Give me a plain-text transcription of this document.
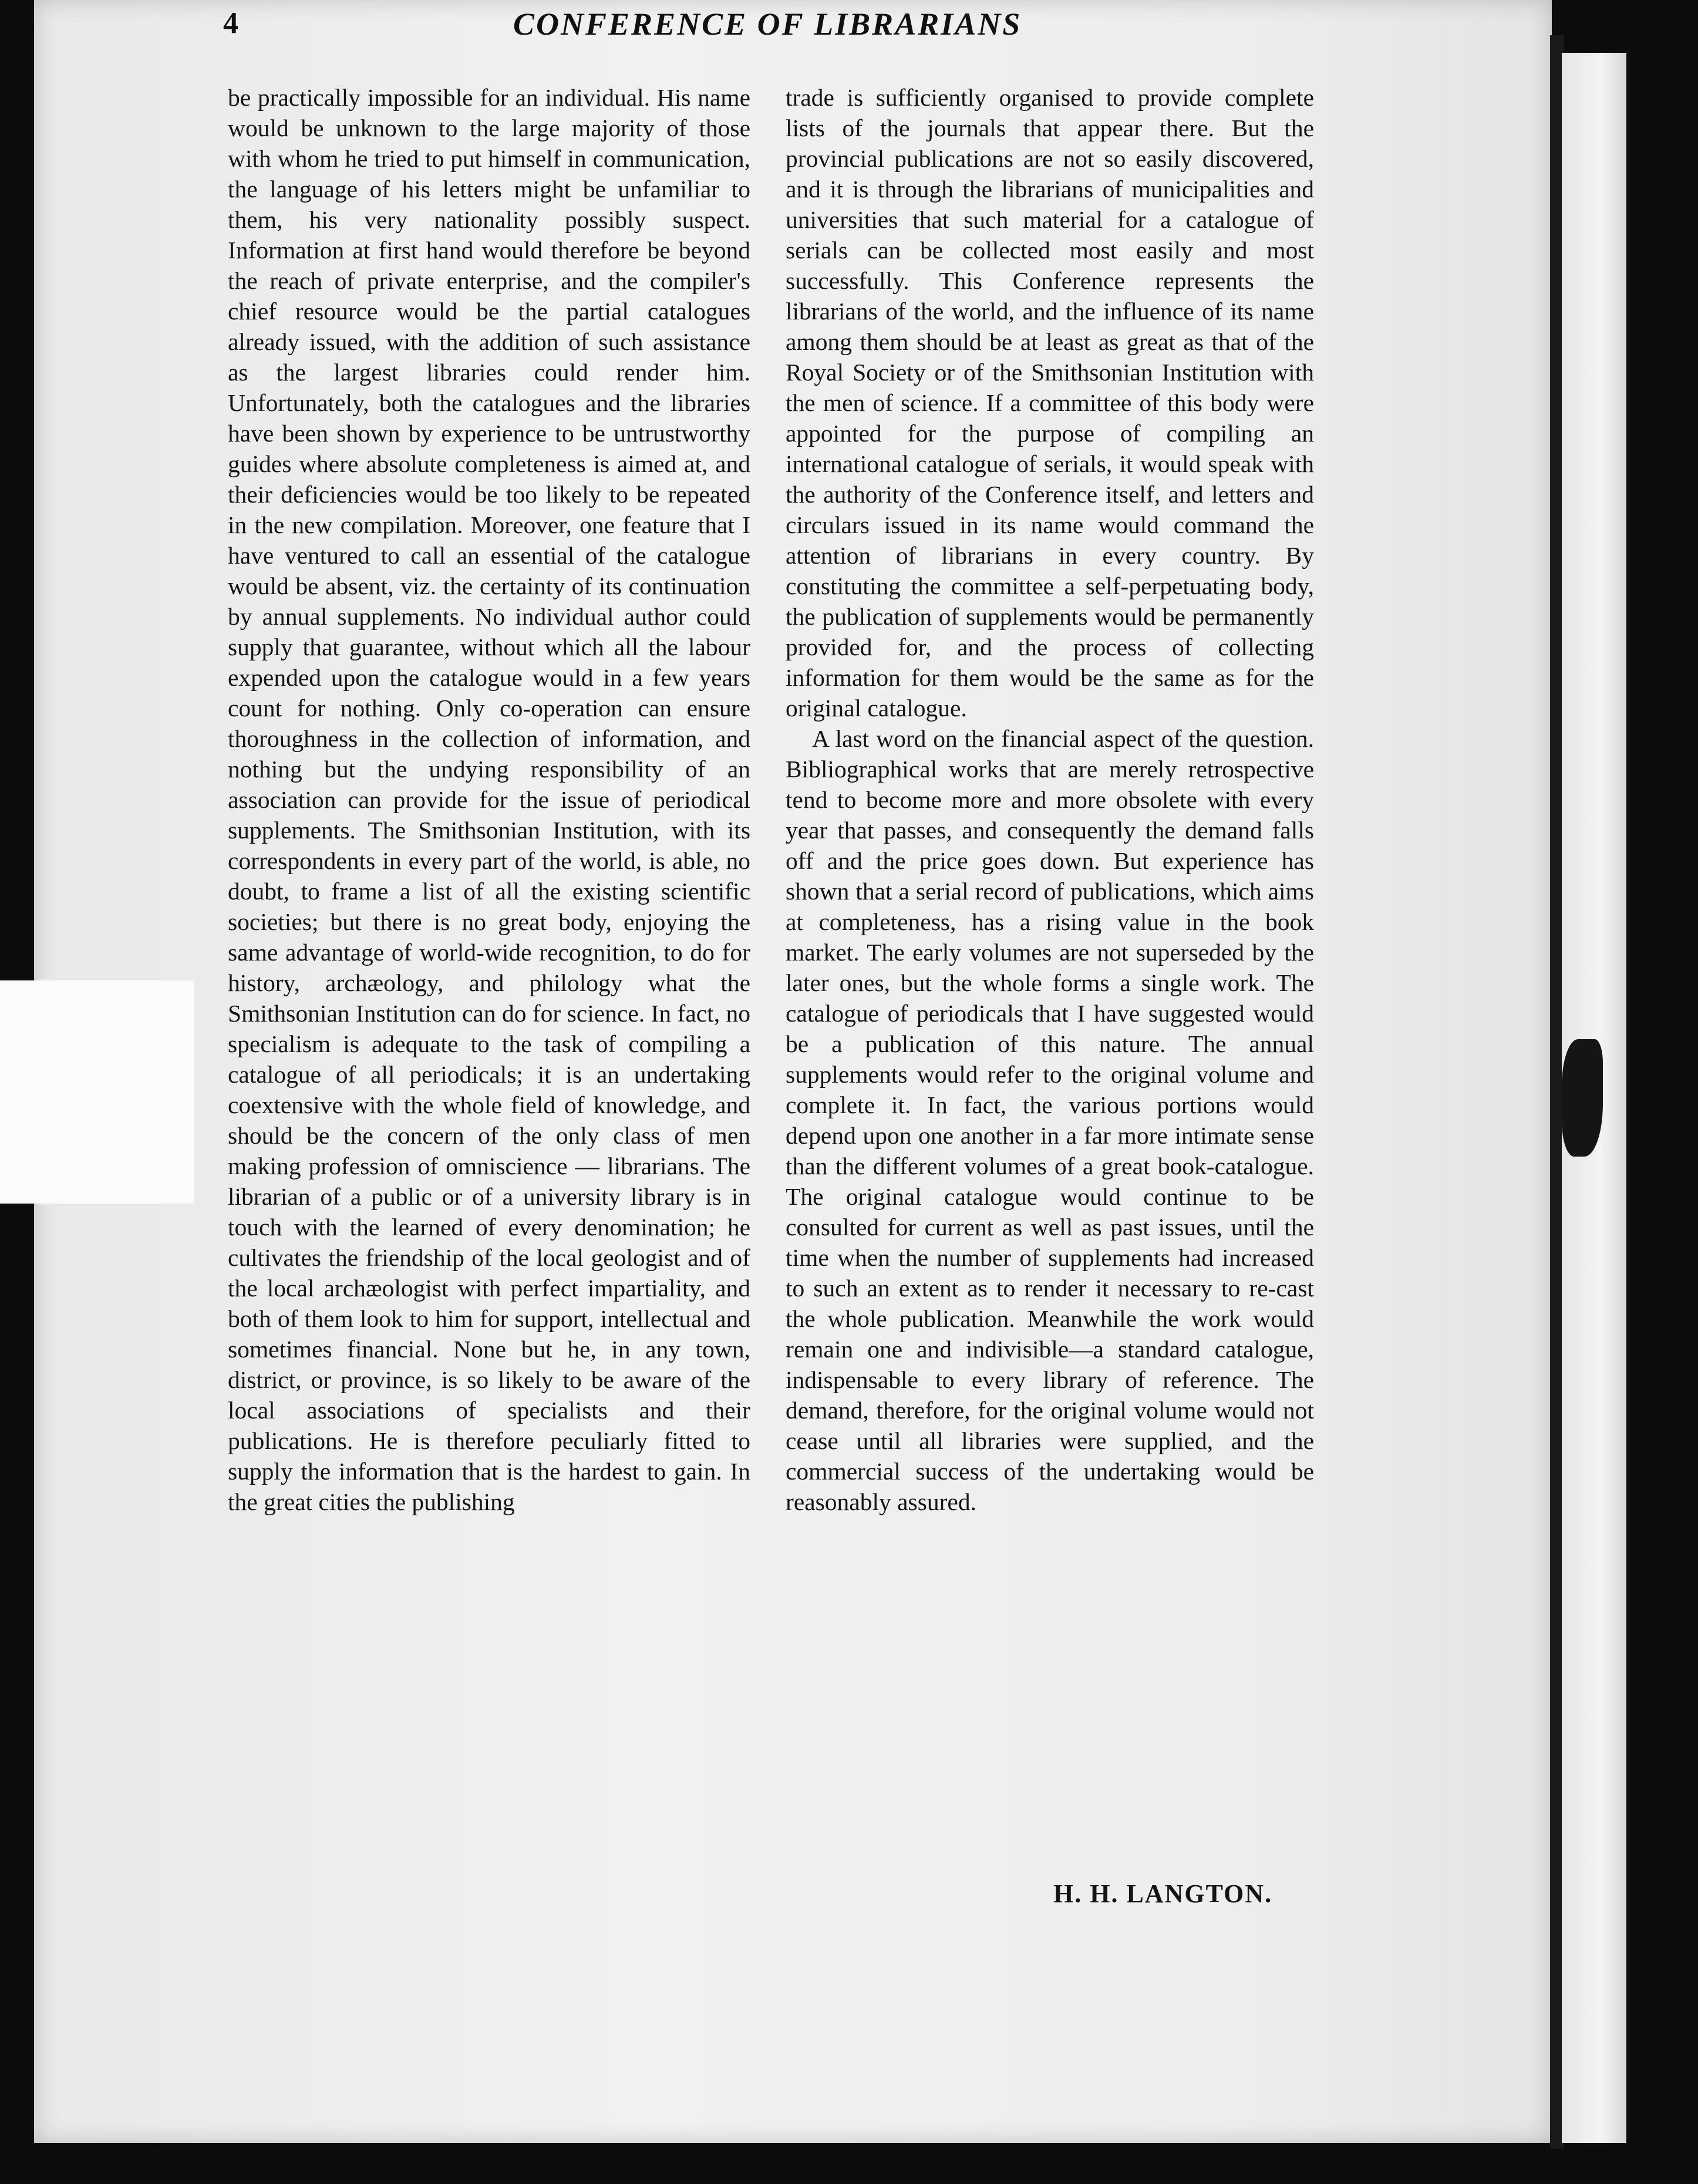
4	CONFERENCE OF LIBRARIANS

be practically impossible for an individual. His name would be unknown to the large majority of those with whom he tried to put himself in communication, the language of his letters might be unfamiliar to them, his very nationality possibly suspect. Information at first hand would therefore be beyond the reach of private enterprise, and the compiler's chief resource would be the partial catalogues already issued, with the addition of such assistance as the largest libraries could render him. Unfortunately, both the catalogues and the libraries have been shown by experience to be untrustworthy guides where absolute completeness is aimed at, and their deficiencies would be too likely to be repeated in the new compilation. Moreover, one feature that I have ventured to call an essential of the catalogue would be absent, viz. the certainty of its continuation by annual supplements. No individual author could supply that guarantee, without which all the labour expended upon the catalogue would in a few years count for nothing. Only co-operation can ensure thoroughness in the collection of information, and nothing but the undying responsibility of an association can provide for the issue of periodical supplements. The Smithsonian Institution, with its correspondents in every part of the world, is able, no doubt, to frame a list of all the existing scientific societies; but there is no great body, enjoying the same advantage of world-wide recognition, to do for history, archæology, and philology what the Smithsonian Institution can do for science. In fact, no specialism is adequate to the task of compiling a catalogue of all periodicals; it is an undertaking coextensive with the whole field of knowledge, and should be the concern of the only class of men making profession of omniscience — librarians. The librarian of a public or of a university library is in touch with the learned of every denomination; he cultivates the friendship of the local geologist and of the local archæologist with perfect impartiality, and both of them look to him for support, intellectual and sometimes financial. None but he, in any town, district, or province, is so likely to be aware of the local associations of specialists and their publications. He is therefore peculiarly fitted to supply the information that is the hardest to gain. In the great cities the publishing

trade is sufficiently organised to provide complete lists of the journals that appear there. But the provincial publications are not so easily discovered, and it is through the librarians of municipalities and universities that such material for a catalogue of serials can be collected most easily and most successfully. This Conference represents the librarians of the world, and the influence of its name among them should be at least as great as that of the Royal Society or of the Smithsonian Institution with the men of science. If a committee of this body were appointed for the purpose of compiling an international catalogue of serials, it would speak with the authority of the Conference itself, and letters and circulars issued in its name would command the attention of librarians in every country. By constituting the committee a self-perpetuating body, the publication of supplements would be permanently provided for, and the process of collecting information for them would be the same as for the original catalogue.

A last word on the financial aspect of the question. Bibliographical works that are merely retrospective tend to become more and more obsolete with every year that passes, and consequently the demand falls off and the price goes down. But experience has shown that a serial record of publications, which aims at completeness, has a rising value in the book market. The early volumes are not superseded by the later ones, but the whole forms a single work. The catalogue of periodicals that I have suggested would be a publication of this nature. The annual supplements would refer to the original volume and complete it. In fact, the various portions would depend upon one another in a far more intimate sense than the different volumes of a great book-catalogue. The original catalogue would continue to be consulted for current as well as past issues, until the time when the number of supplements had increased to such an extent as to render it necessary to re-cast the whole publication. Meanwhile the work would remain one and indivisible—a standard catalogue, indispensable to every library of reference. The demand, therefore, for the original volume would not cease until all libraries were supplied, and the commercial success of the undertaking would be reasonably assured.

H. H. LANGTON.
